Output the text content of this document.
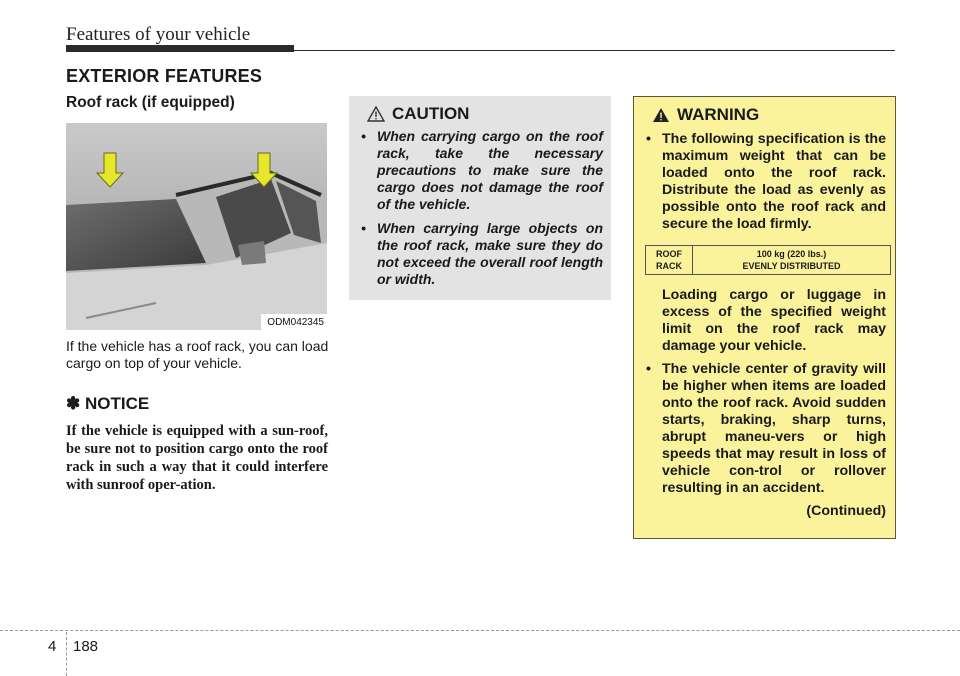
Features of your vehicle
EXTERIOR FEATURES
Roof rack (if equipped)
ODM042345
If the vehicle has a roof rack, you can load cargo on top of your vehicle.
✽ NOTICE
If the vehicle is equipped with a sun-roof, be sure not to position cargo onto the roof rack in such a way that it could interfere with sunroof oper-ation.
CAUTION
• When carrying cargo on the roof rack, take the necessary precautions to make sure the cargo does not damage the roof of the vehicle.
• When carrying large objects on the roof rack, make sure they do not exceed the overall roof length or width.
WARNING
• The following specification is the maximum weight that can be loaded onto the roof rack. Distribute the load as evenly as possible onto the roof rack and secure the load firmly.
ROOF
RACK
100 kg (220 lbs.)
EVENLY DISTRIBUTED
Loading cargo or luggage in excess of the specified weight limit on the roof rack may damage your vehicle.
• The vehicle center of gravity will be higher when items are loaded onto the roof rack. Avoid sudden starts, braking, sharp turns, abrupt maneu-vers or high speeds that may result in loss of vehicle con-trol or rollover resulting in an accident.
(Continued)
4 188
